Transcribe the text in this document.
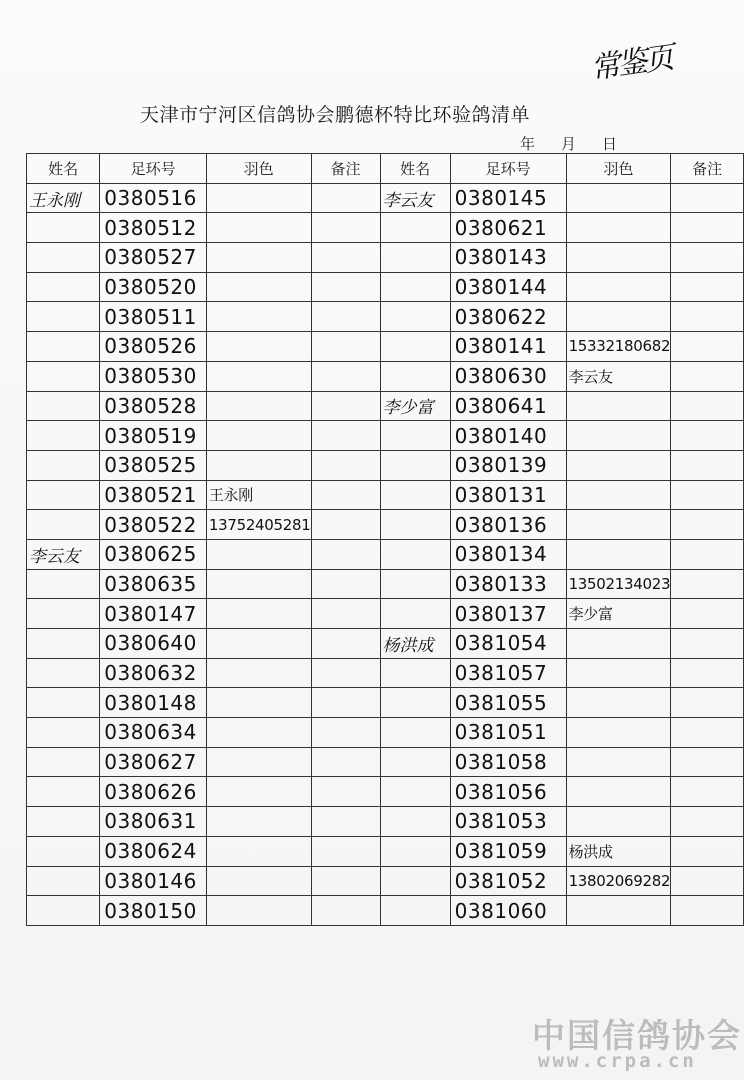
常鉴页
天津市宁河区信鸽协会鹏德杯特比环验鸽清单
年 月 日
姓名	足环号	羽色	备注	姓名	足环号	羽色	备注
王永刚	0380516			李云友	0380145		
	0380512				0380621		
	0380527				0380143		
	0380520				0380144		
	0380511				0380622		
	0380526				0380141	15332180682	
	0380530				0380630	李云友	
	0380528			李少富	0380641		
	0380519				0380140		
	0380525				0380139		
	0380521	王永刚			0380131		
	0380522	13752405281			0380136		
李云友	0380625				0380134		
	0380635				0380133	13502134023	
	0380147				0380137	李少富	
	0380640			杨洪成	0381054		
	0380632				0381057		
	0380148				0381055		
	0380634				0381051		
	0380627				0381058		
	0380626				0381056		
	0380631				0381053		
	0380624				0381059	杨洪成	
	0380146				0381052	13802069282	
	0380150				0381060		
中国信鸽协会
www.crpa.cn
